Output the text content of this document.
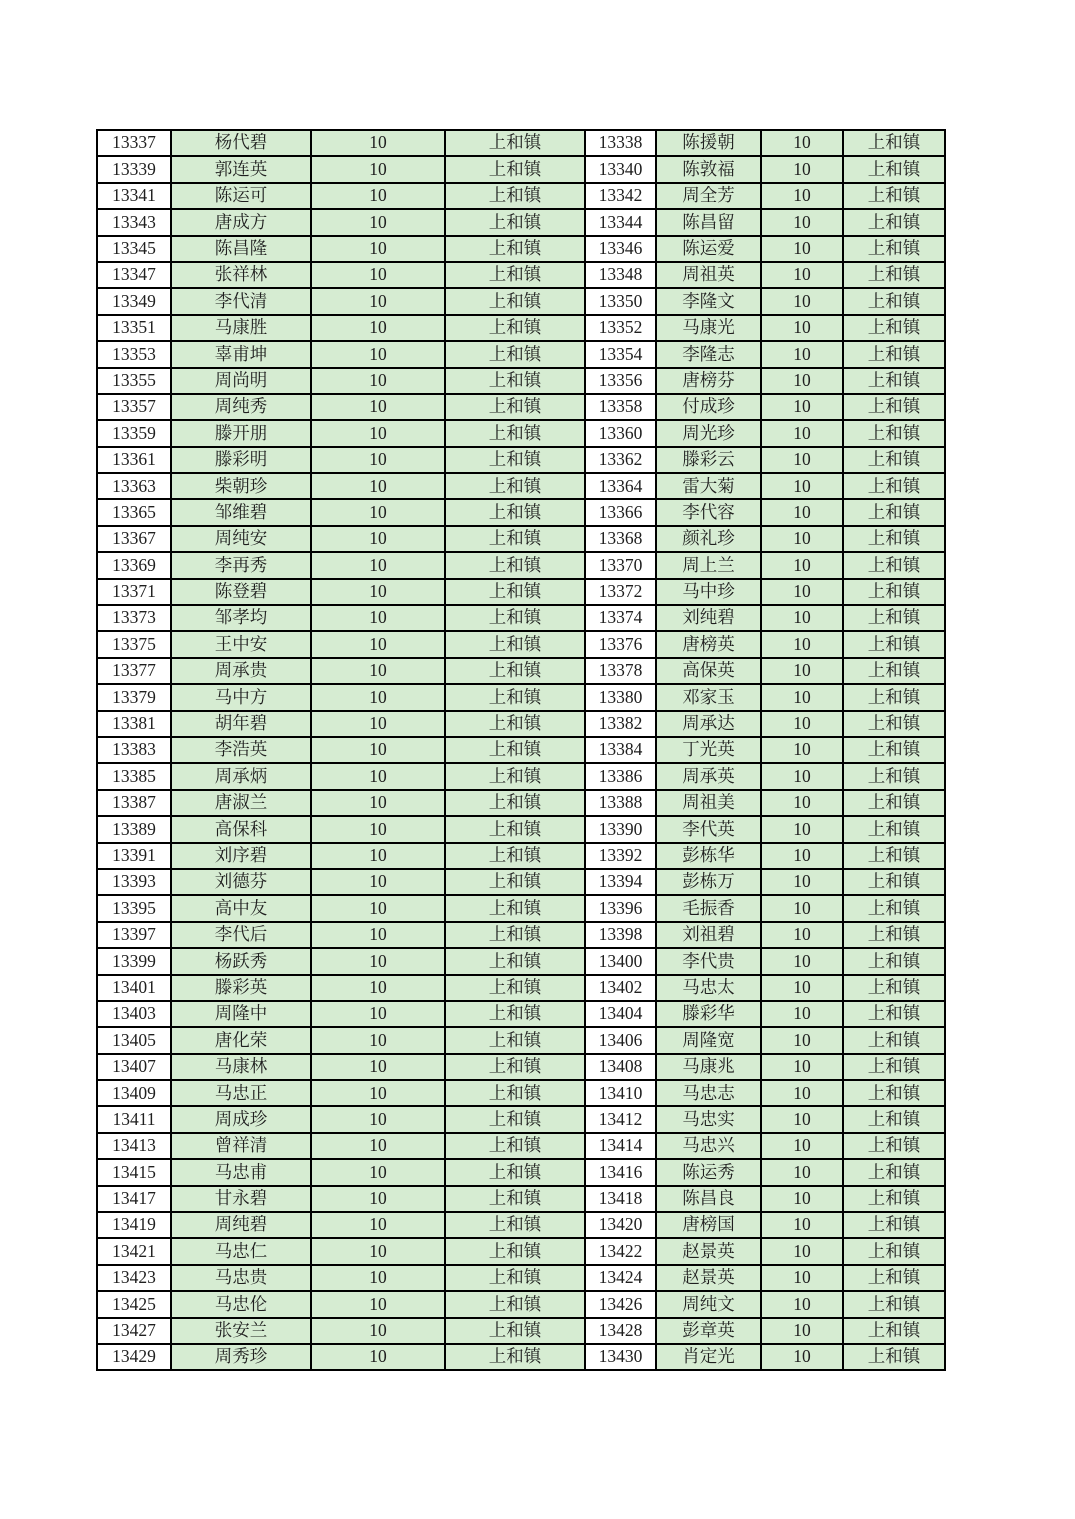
13337	杨代碧	10	上和镇	13338	陈援朝	10	上和镇
13339	郭连英	10	上和镇	13340	陈敦福	10	上和镇
13341	陈运可	10	上和镇	13342	周全芳	10	上和镇
13343	唐成方	10	上和镇	13344	陈昌留	10	上和镇
13345	陈昌隆	10	上和镇	13346	陈运爱	10	上和镇
13347	张祥林	10	上和镇	13348	周祖英	10	上和镇
13349	李代清	10	上和镇	13350	李隆文	10	上和镇
13351	马康胜	10	上和镇	13352	马康光	10	上和镇
13353	辜甫坤	10	上和镇	13354	李隆志	10	上和镇
13355	周尚明	10	上和镇	13356	唐榜芬	10	上和镇
13357	周纯秀	10	上和镇	13358	付成珍	10	上和镇
13359	滕开朋	10	上和镇	13360	周光珍	10	上和镇
13361	滕彩明	10	上和镇	13362	滕彩云	10	上和镇
13363	柴朝珍	10	上和镇	13364	雷大菊	10	上和镇
13365	邹维碧	10	上和镇	13366	李代容	10	上和镇
13367	周纯安	10	上和镇	13368	颜礼珍	10	上和镇
13369	李再秀	10	上和镇	13370	周上兰	10	上和镇
13371	陈登碧	10	上和镇	13372	马中珍	10	上和镇
13373	邹孝均	10	上和镇	13374	刘纯碧	10	上和镇
13375	王中安	10	上和镇	13376	唐榜英	10	上和镇
13377	周承贵	10	上和镇	13378	高保英	10	上和镇
13379	马中方	10	上和镇	13380	邓家玉	10	上和镇
13381	胡年碧	10	上和镇	13382	周承达	10	上和镇
13383	李浩英	10	上和镇	13384	丁光英	10	上和镇
13385	周承炳	10	上和镇	13386	周承英	10	上和镇
13387	唐淑兰	10	上和镇	13388	周祖美	10	上和镇
13389	高保科	10	上和镇	13390	李代英	10	上和镇
13391	刘序碧	10	上和镇	13392	彭栋华	10	上和镇
13393	刘德芬	10	上和镇	13394	彭栋万	10	上和镇
13395	高中友	10	上和镇	13396	毛振香	10	上和镇
13397	李代后	10	上和镇	13398	刘祖碧	10	上和镇
13399	杨跃秀	10	上和镇	13400	李代贵	10	上和镇
13401	滕彩英	10	上和镇	13402	马忠太	10	上和镇
13403	周隆中	10	上和镇	13404	滕彩华	10	上和镇
13405	唐化荣	10	上和镇	13406	周隆宽	10	上和镇
13407	马康林	10	上和镇	13408	马康兆	10	上和镇
13409	马忠正	10	上和镇	13410	马忠志	10	上和镇
13411	周成珍	10	上和镇	13412	马忠实	10	上和镇
13413	曾祥清	10	上和镇	13414	马忠兴	10	上和镇
13415	马忠甫	10	上和镇	13416	陈运秀	10	上和镇
13417	甘永碧	10	上和镇	13418	陈昌良	10	上和镇
13419	周纯碧	10	上和镇	13420	唐榜国	10	上和镇
13421	马忠仁	10	上和镇	13422	赵景英	10	上和镇
13423	马忠贵	10	上和镇	13424	赵景英	10	上和镇
13425	马忠伦	10	上和镇	13426	周纯文	10	上和镇
13427	张安兰	10	上和镇	13428	彭章英	10	上和镇
13429	周秀珍	10	上和镇	13430	肖定光	10	上和镇
